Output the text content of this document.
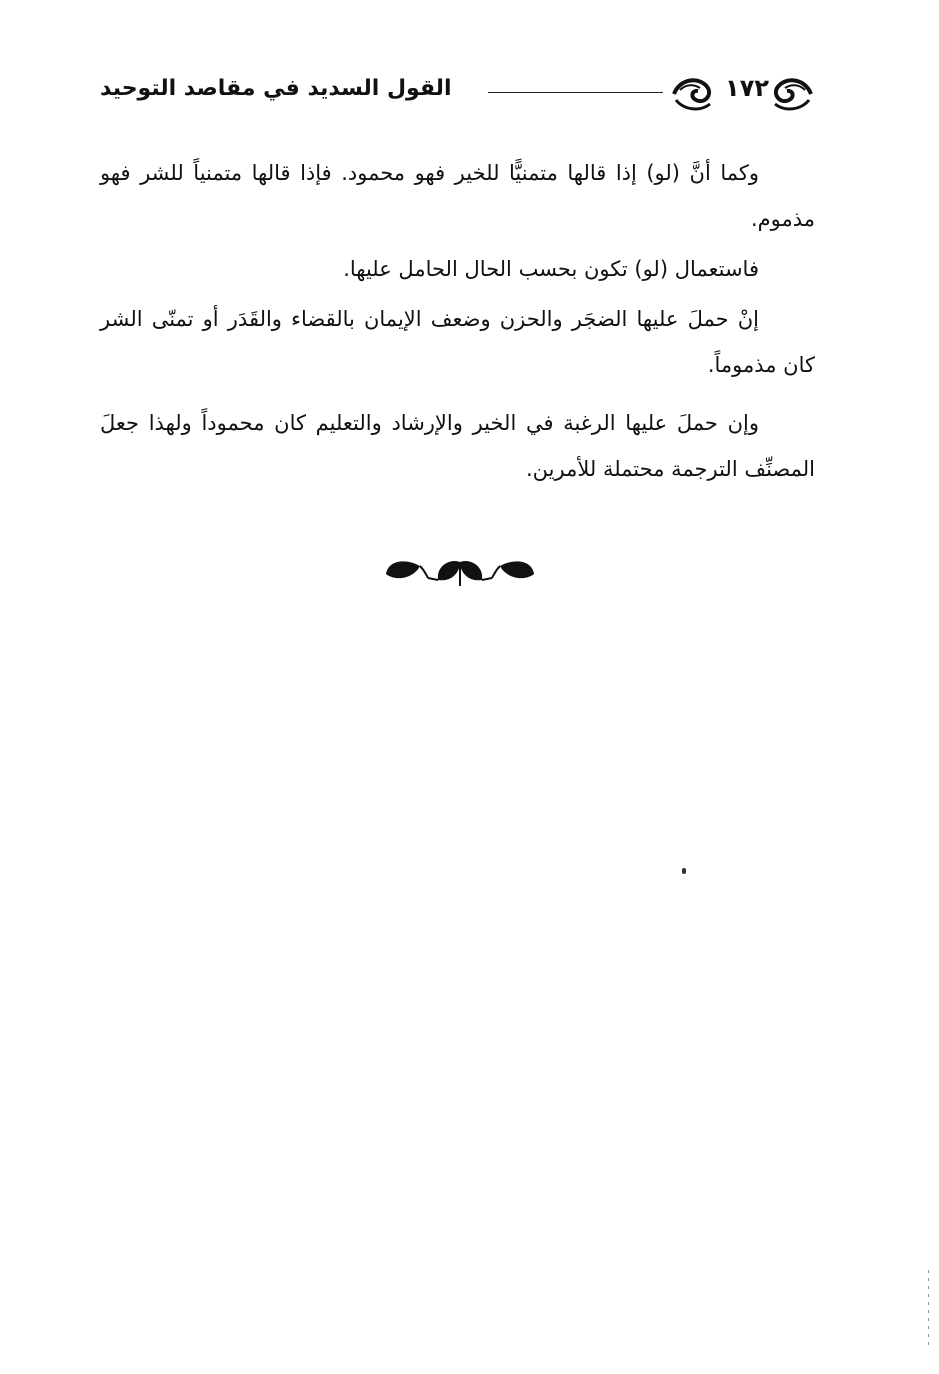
١٧٢
القول السديد في مقاصد التوحيد

وكما أنَّ (لو) إذا قالها متمنيًّا للخير فهو محمود. فإذا قالها متمنياً للشر فهو مذموم.

فاستعمال (لو) تكون بحسب الحال الحامل عليها.

إنْ حملَ عليها الضجَر والحزن وضعف الإيمان بالقضاء والقَدَر أو تمنّى الشر كان مذموماً.

وإن حملَ عليها الرغبة في الخير والإرشاد والتعليم كان محموداً ولهذا جعلَ المصنِّف الترجمة محتملة للأمرين.
